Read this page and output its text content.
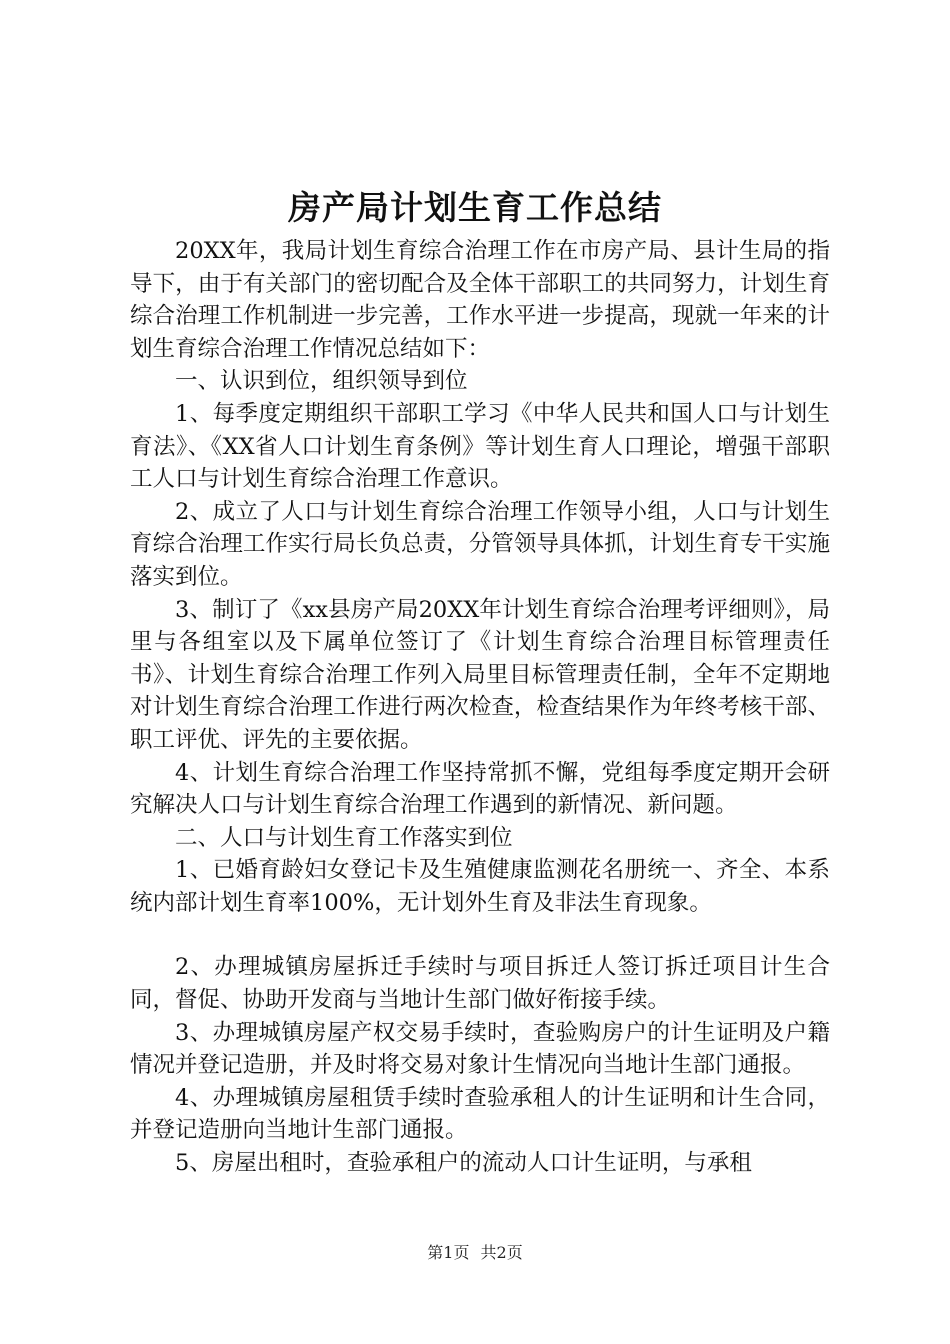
房产局计划生育工作总结

20XX年，我局计划生育综合治理工作在市房产局、县计生局的指导下，由于有关部门的密切配合及全体干部职工的共同努力，计划生育综合治理工作机制进一步完善，工作水平进一步提高，现就一年来的计划生育综合治理工作情况总结如下：

一、认识到位，组织领导到位

1、每季度定期组织干部职工学习《中华人民共和国人口与计划生育法》、《XX省人口计划生育条例》等计划生育人口理论，增强干部职工人口与计划生育综合治理工作意识。

2、成立了人口与计划生育综合治理工作领导小组，人口与计划生育综合治理工作实行局长负总责，分管领导具体抓，计划生育专干实施落实到位。

3、制订了《xx县房产局20XX年计划生育综合治理考评细则》，局里与各组室以及下属单位签订了《计划生育综合治理目标管理责任书》、计划生育综合治理工作列入局里目标管理责任制，全年不定期地对计划生育综合治理工作进行两次检查，检查结果作为年终考核干部、职工评优、评先的主要依据。

4、计划生育综合治理工作坚持常抓不懈，党组每季度定期开会研究解决人口与计划生育综合治理工作遇到的新情况、新问题。

二、人口与计划生育工作落实到位

1、已婚育龄妇女登记卡及生殖健康监测花名册统一、齐全、本系统内部计划生育率100%，无计划外生育及非法生育现象。

2、办理城镇房屋拆迁手续时与项目拆迁人签订拆迁项目计生合同，督促、协助开发商与当地计生部门做好衔接手续。

3、办理城镇房屋产权交易手续时，查验购房户的计生证明及户籍情况并登记造册，并及时将交易对象计生情况向当地计生部门通报。

4、办理城镇房屋租赁手续时查验承租人的计生证明和计生合同，并登记造册向当地计生部门通报。

5、房屋出租时，查验承租户的流动人口计生证明，与承租

第1页 共2页
